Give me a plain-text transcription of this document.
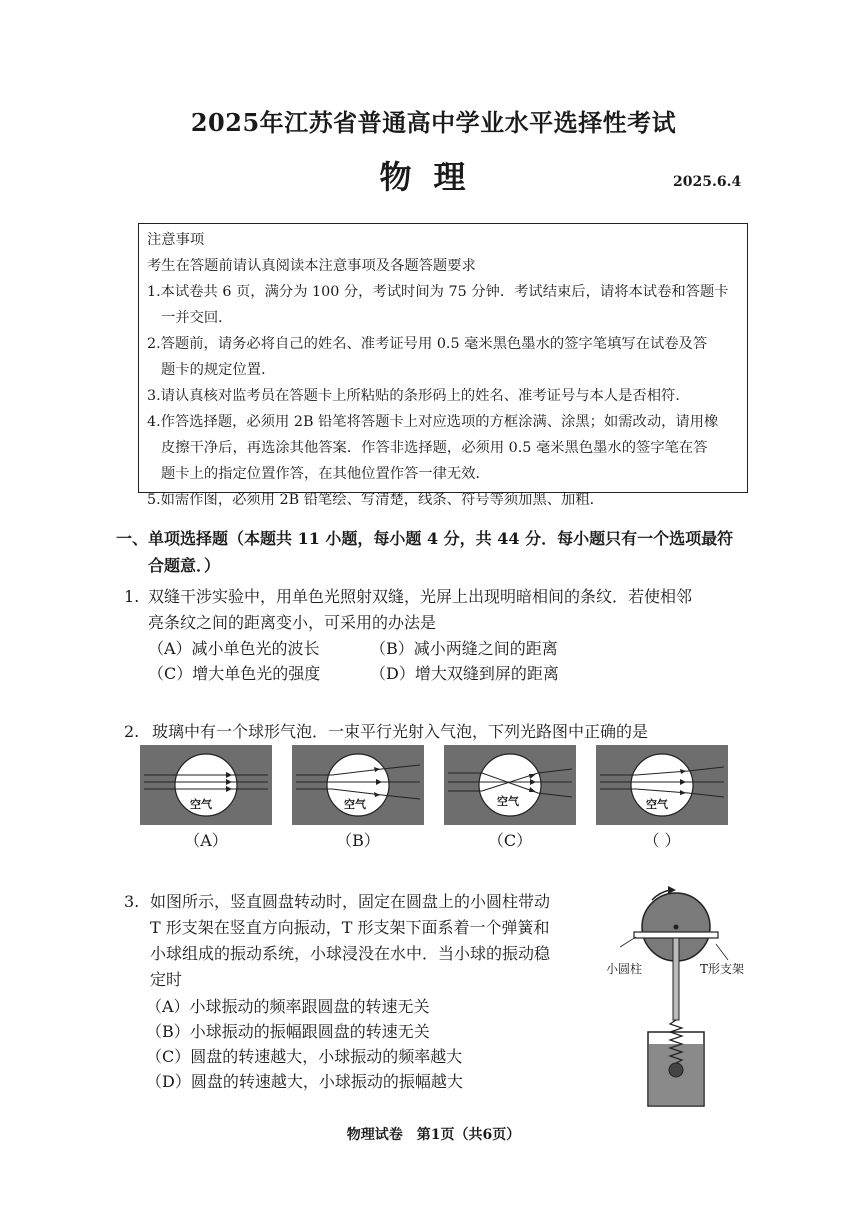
2025年江苏省普通高中学业水平选择性考试
物理	2025.6.4
注意事项
考生在答题前请认真阅读本注意事项及各题答题要求
1.本试卷共 6 页，满分为 100 分，考试时间为 75 分钟．考试结束后，请将本试卷和答题卡
一并交回．
2.答题前，请务必将自己的姓名、准考证号用 0.5 毫米黑色墨水的签字笔填写在试卷及答
题卡的规定位置．
3.请认真核对监考员在答题卡上所粘贴的条形码上的姓名、准考证号与本人是否相符．
4.作答选择题，必须用 2B 铅笔将答题卡上对应选项的方框涂满、涂黑；如需改动，请用橡
皮擦干净后，再选涂其他答案．作答非选择题，必须用 0.5 毫米黑色墨水的签字笔在答
题卡上的指定位置作答，在其他位置作答一律无效．
5.如需作图，必须用 2B 铅笔绘、写清楚，线条、符号等须加黑、加粗．
一、单项选择题（本题共 11 小题，每小题 4 分，共 44 分．每小题只有一个选项最符
合题意．）
1. 双缝干涉实验中，用单色光照射双缝，光屏上出现明暗相间的条纹．若使相邻
亮条纹之间的距离变小，可采用的办法是
（A）减小单色光的波长	（B）减小两缝之间的距离
（C）增大单色光的强度	（D）增大双缝到屏的距离
2. 玻璃中有一个球形气泡．一束平行光射入气泡，下列光路图中正确的是
空气	空气	空气	空气
（A）	（B）	（C）	（ ）
3. 如图所示，竖直圆盘转动时，固定在圆盘上的小圆柱带动
T 形支架在竖直方向振动，T 形支架下面系着一个弹簧和
小球组成的振动系统，小球浸没在水中．当小球的振动稳
定时
（A）小球振动的频率跟圆盘的转速无关
（B）小球振动的振幅跟圆盘的转速无关
（C）圆盘的转速越大，小球振动的频率越大
（D）圆盘的转速越大，小球振动的振幅越大
小圆柱	T形支架
物理试卷　第1页（共6页）
